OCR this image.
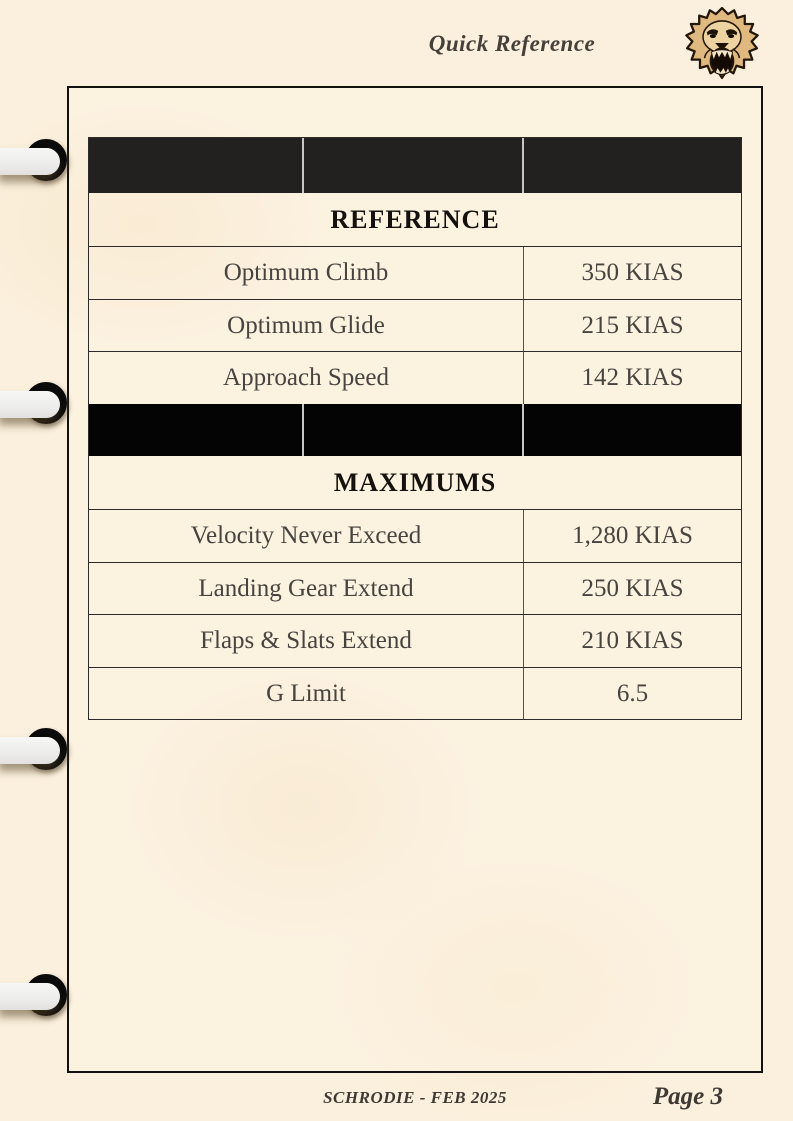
Quick Reference
REFERENCE
Optimum Climb	350 KIAS
Optimum Glide	215 KIAS
Approach Speed	142 KIAS
MAXIMUMS
Velocity Never Exceed	1,280 KIAS
Landing Gear Extend	250 KIAS
Flaps & Slats Extend	210 KIAS
G Limit	6.5
SCHRODIE - FEB 2025	Page 3
